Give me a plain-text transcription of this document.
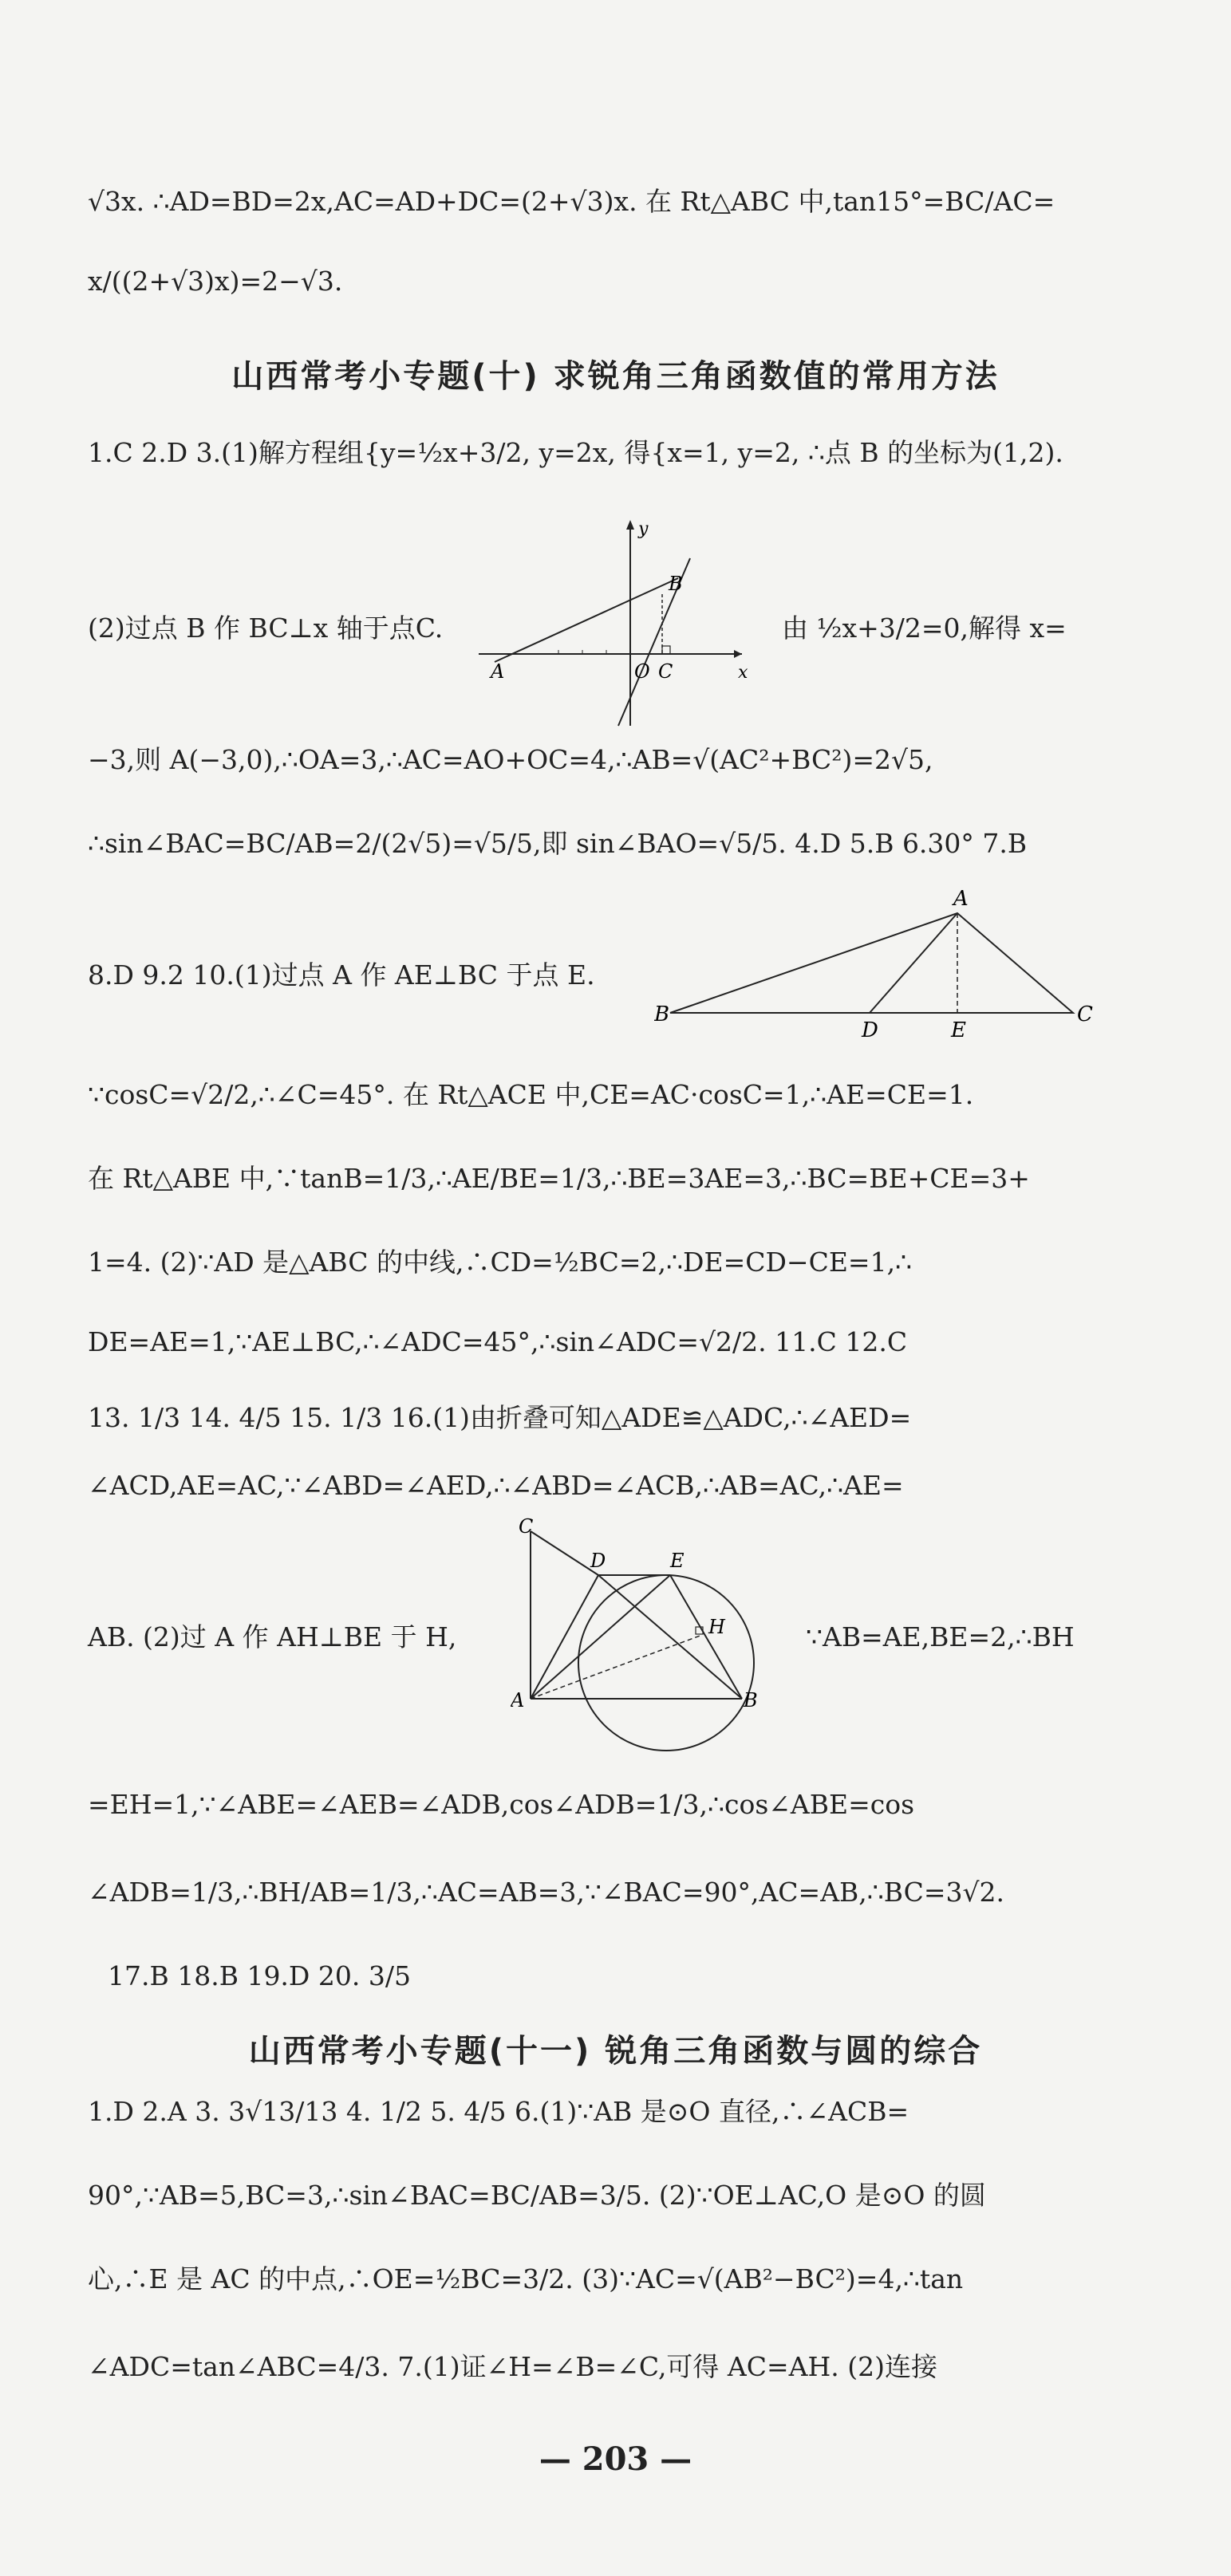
√3x. ∴AD=BD=2x,AC=AD+DC=(2+√3)x. 在 Rt△ABC 中,tan15°=BC/AC=
x/((2+√3)x)=2−√3.
山西常考小专题(十) 求锐角三角函数值的常用方法
1.C 2.D 3.(1)解方程组{y=½x+3/2, y=2x, 得{x=1, y=2, ∴点 B 的坐标为(1,2).
(2)过点 B 作 BC⊥x 轴于点C.	由 ½x+3/2=0,解得 x=
y
x
A	O C
B
−3,则 A(−3,0),∴OA=3,∴AC=AO+OC=4,∴AB=√(AC²+BC²)=2√5,
∴sin∠BAC=BC/AB=2/(2√5)=√5/5,即 sin∠BAO=√5/5. 4.D 5.B 6.30° 7.B
8.D 9.2 10.(1)过点 A 作 AE⊥BC 于点 E.
A
B	C
D	E
∵cosC=√2/2,∴∠C=45°. 在 Rt△ACE 中,CE=AC·cosC=1,∴AE=CE=1.
在 Rt△ABE 中,∵tanB=1/3,∴AE/BE=1/3,∴BE=3AE=3,∴BC=BE+CE=3+
1=4. (2)∵AD 是△ABC 的中线,∴CD=½BC=2,∴DE=CD−CE=1,∴
DE=AE=1,∵AE⊥BC,∴∠ADC=45°,∴sin∠ADC=√2/2. 11.C 12.C
13. 1/3 14. 4/5 15. 1/3 16.(1)由折叠可知△ADE≌△ADC,∴∠AED=
∠ACD,AE=AC,∵∠ABD=∠AED,∴∠ABD=∠ACB,∴AB=AC,∴AE=
AB. (2)过 A 作 AH⊥BE 于 H,	∵AB=AE,BE=2,∴BH
C
D	E
H
A	B
=EH=1,∵∠ABE=∠AEB=∠ADB,cos∠ADB=1/3,∴cos∠ABE=cos
∠ADB=1/3,∴BH/AB=1/3,∴AC=AB=3,∵∠BAC=90°,AC=AB,∴BC=3√2.
17.B 18.B 19.D 20. 3/5
山西常考小专题(十一) 锐角三角函数与圆的综合
1.D 2.A 3. 3√13/13 4. 1/2 5. 4/5 6.(1)∵AB 是⊙O 直径,∴∠ACB=
90°,∵AB=5,BC=3,∴sin∠BAC=BC/AB=3/5. (2)∵OE⊥AC,O 是⊙O 的圆
心,∴E 是 AC 的中点,∴OE=½BC=3/2. (3)∵AC=√(AB²−BC²)=4,∴tan
∠ADC=tan∠ABC=4/3. 7.(1)证∠H=∠B=∠C,可得 AC=AH. (2)连接
— 203 —
